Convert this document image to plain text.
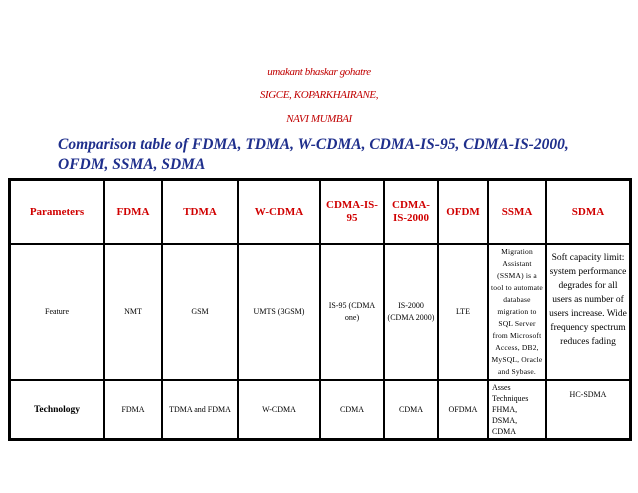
umakant bhaskar gohatre
SIGCE, KOPARKHAIRANE,
NAVI MUMBAI
Comparison table of FDMA, TDMA, W-CDMA, CDMA-IS-95, CDMA-IS-2000, OFDM, SSMA, SDMA
Parameters	FDMA	TDMA	W-CDMA	CDMA-IS-95	CDMA-IS-2000	OFDM	SSMA	SDMA
Feature	NMT	GSM	UMTS (3GSM)	IS-95 (CDMA one)	IS-2000 (CDMA 2000)	LTE	Migration Assistant (SSMA) is a tool to automate database migration to SQL Server from Microsoft Access, DB2, MySQL, Oracle and Sybase.	Soft capacity limit: system performance degrades for all users as number of users increase. Wide frequency spectrum reduces fading
Technology	FDMA	TDMA and FDMA	W-CDMA	CDMA	CDMA	OFDMA	Asses Techniques FHMA, DSMA, CDMA	HC-SDMA
